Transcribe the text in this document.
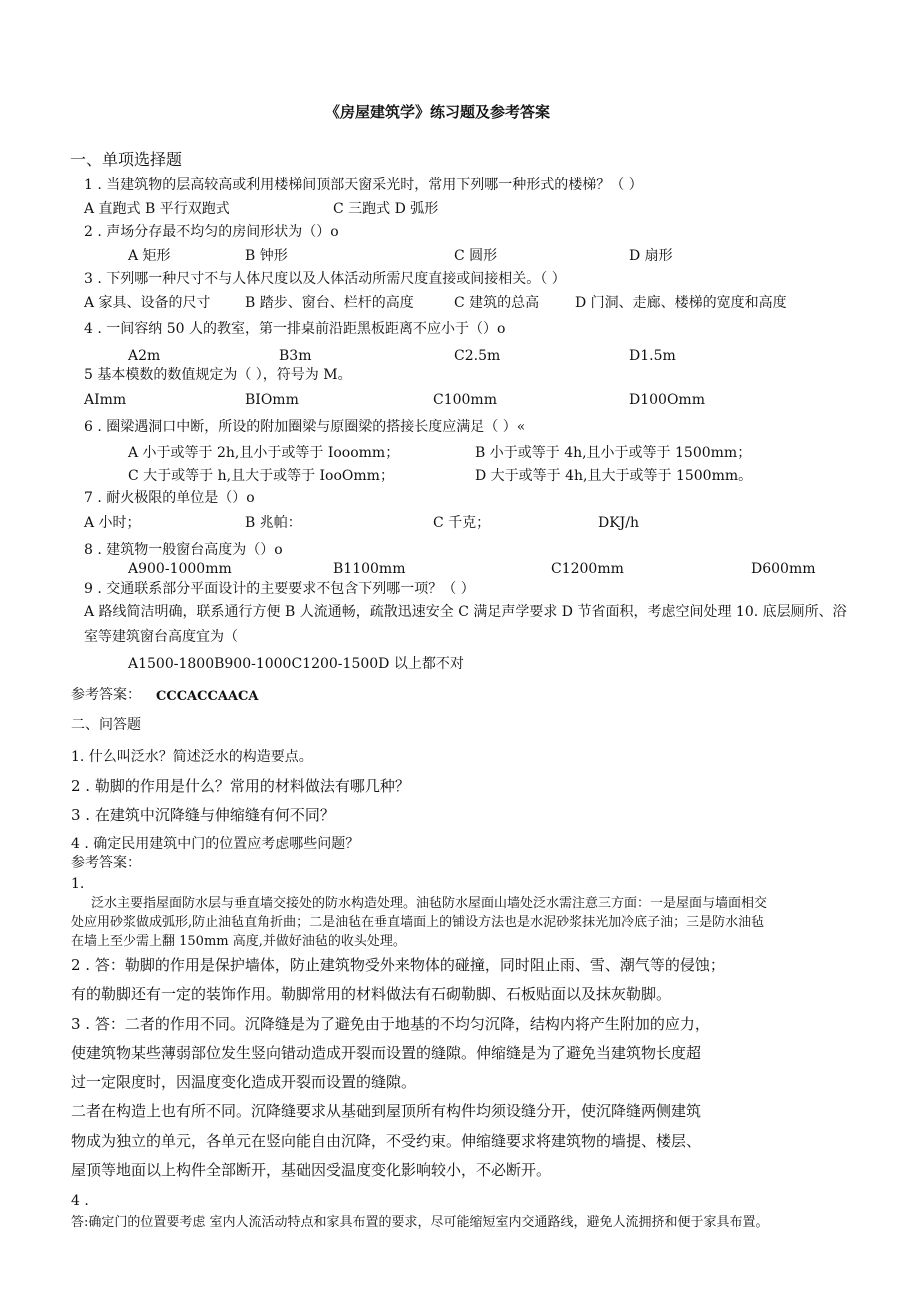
《房屋建筑学》练习题及参考答案
一、单项选择题
1 . 当建筑物的层高较高或利用楼梯间顶部天窗采光时，常用下列哪一种形式的楼梯？（ ）
A 直跑式 B 平行双跑式	C 三跑式 D 弧形
2 . 声场分存最不均匀的房间形状为（）o
A 矩形	B 钟形	C 圆形	D 扇形
3 . 下列哪一种尺寸不与人体尺度以及人体活动所需尺度直接或间接相关。（ ）
A 家具、设备的尺寸 B 踏步、窗台、栏杆的高度	C 建筑的总高	D 门洞、走廊、楼梯的宽度和高度
4 . 一间容纳 50 人的教室，第一排桌前沿距黑板距离不应小于（）o
A2m	B3m	C2.5m	D1.5m
5 基本模数的数值规定为（ ），符号为 M。
AImm	BIOmm	C100mm	D100Omm
6 . 圈梁遇洞口中断，所设的附加圈梁与原圈梁的搭接长度应满足（ ）«
A 小于或等于 2h,且小于或等于 Iooomm；	B 小于或等于 4h,且小于或等于 1500mm；
C 大于或等于 h,且大于或等于 IooOmm；	D 大于或等于 4h,且大于或等于 1500mm。
7 . 耐火极限的单位是（）o
A 小时；	B 兆帕：	C 千克；	DKJ/h
8 . 建筑物一般窗台高度为（）o
A900-1000mm	B1100mm	C1200mm	D600mm
9 . 交通联系部分平面设计的主要要求不包含下列哪一项？（ ）
A 路线简洁明确，联系通行方便 B 人流通畅，疏散迅速安全 C 满足声学要求 D 节省面积，考虑空间处理 10. 底层厕所、浴
室等建筑窗台高度宜为（
A1500-1800B900-1000C1200-1500D 以上都不对
参考答案： CCCACCAACA
二、问答题
1. 什么叫泛水？简述泛水的构造要点。
2 . 勒脚的作用是什么？常用的材料做法有哪几种？
3 . 在建筑中沉降缝与伸缩缝有何不同？
4 . 确定民用建筑中门的位置应考虑哪些问题？
参考答案：
1.
泛水主要指屋面防水层与垂直墙交接处的防水构造处理。油毡防水屋面山墙处泛水需注意三方面：一是屋面与墙面相交
处应用砂浆做成弧形,防止油毡直角折曲；二是油毡在垂直墙面上的铺设方法也是水泥砂浆抹光加冷底子油；三是防水油毡
在墙上至少需上翻 150mm 高度,并做好油毡的收头处理。
2 . 答：勒脚的作用是保护墙体，防止建筑物受外来物体的碰撞，同时阻止雨、雪、潮气等的侵蚀；
有的勒脚还有一定的装饰作用。勒脚常用的材料做法有石砌勒脚、石板贴面以及抹灰勒脚。
3 . 答：二者的作用不同。沉降缝是为了避免由于地基的不均匀沉降，结构内将产生附加的应力，
使建筑物某些薄弱部位发生竖向错动造成开裂而设置的缝隙。伸缩缝是为了避免当建筑物长度超
过一定限度时，因温度变化造成开裂而设置的缝隙。
二者在构造上也有所不同。沉降缝要求从基础到屋顶所有构件均须设缝分开，使沉降缝两侧建筑
物成为独立的单元，各单元在竖向能自由沉降，不受约束。伸缩缝要求将建筑物的墙提、楼层、
屋顶等地面以上构件全部断开，基础因受温度变化影响较小，不必断开。
4 .
答:确定门的位置要考虑 室内人流活动特点和家具布置的要求，尽可能缩短室内交通路线，避免人流拥挤和便于家具布置。
